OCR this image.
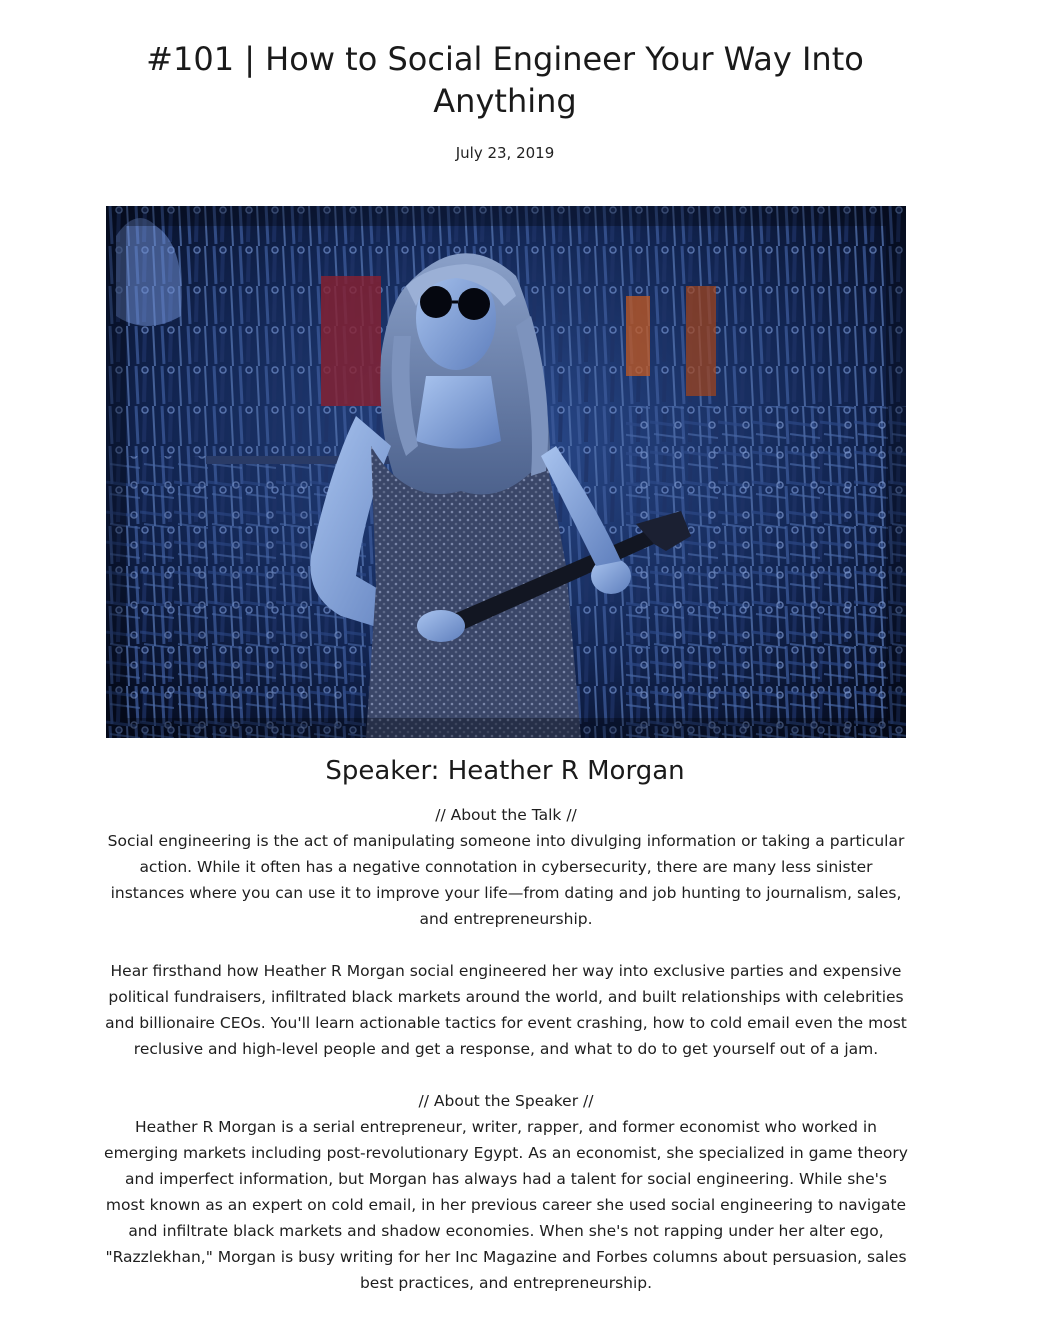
#101 | How to Social Engineer Your Way Into Anything
July 23, 2019
Speaker: Heather R Morgan

// About the Talk //

Social engineering is the act of manipulating someone into divulging information or taking a particular action. While it often has a negative connotation in cybersecurity, there are many less sinister instances where you can use it to improve your life—from dating and job hunting to journalism, sales, and entrepreneurship.

Hear firsthand how Heather R Morgan social engineered her way into exclusive parties and expensive political fundraisers, infiltrated black markets around the world, and built relationships with celebrities and billionaire CEOs. You'll learn actionable tactics for event crashing, how to cold email even the most reclusive and high-level people and get a response, and what to do to get yourself out of a jam.

// About the Speaker //

Heather R Morgan is a serial entrepreneur, writer, rapper, and former economist who worked in emerging markets including post-revolutionary Egypt. As an economist, she specialized in game theory and imperfect information, but Morgan has always had a talent for social engineering. While she's most known as an expert on cold email, in her previous career she used social engineering to navigate and infiltrate black markets and shadow economies. When she's not rapping under her alter ego, "Razzlekhan," Morgan is busy writing for her Inc Magazine and Forbes columns about persuasion, sales best practices, and entrepreneurship.
